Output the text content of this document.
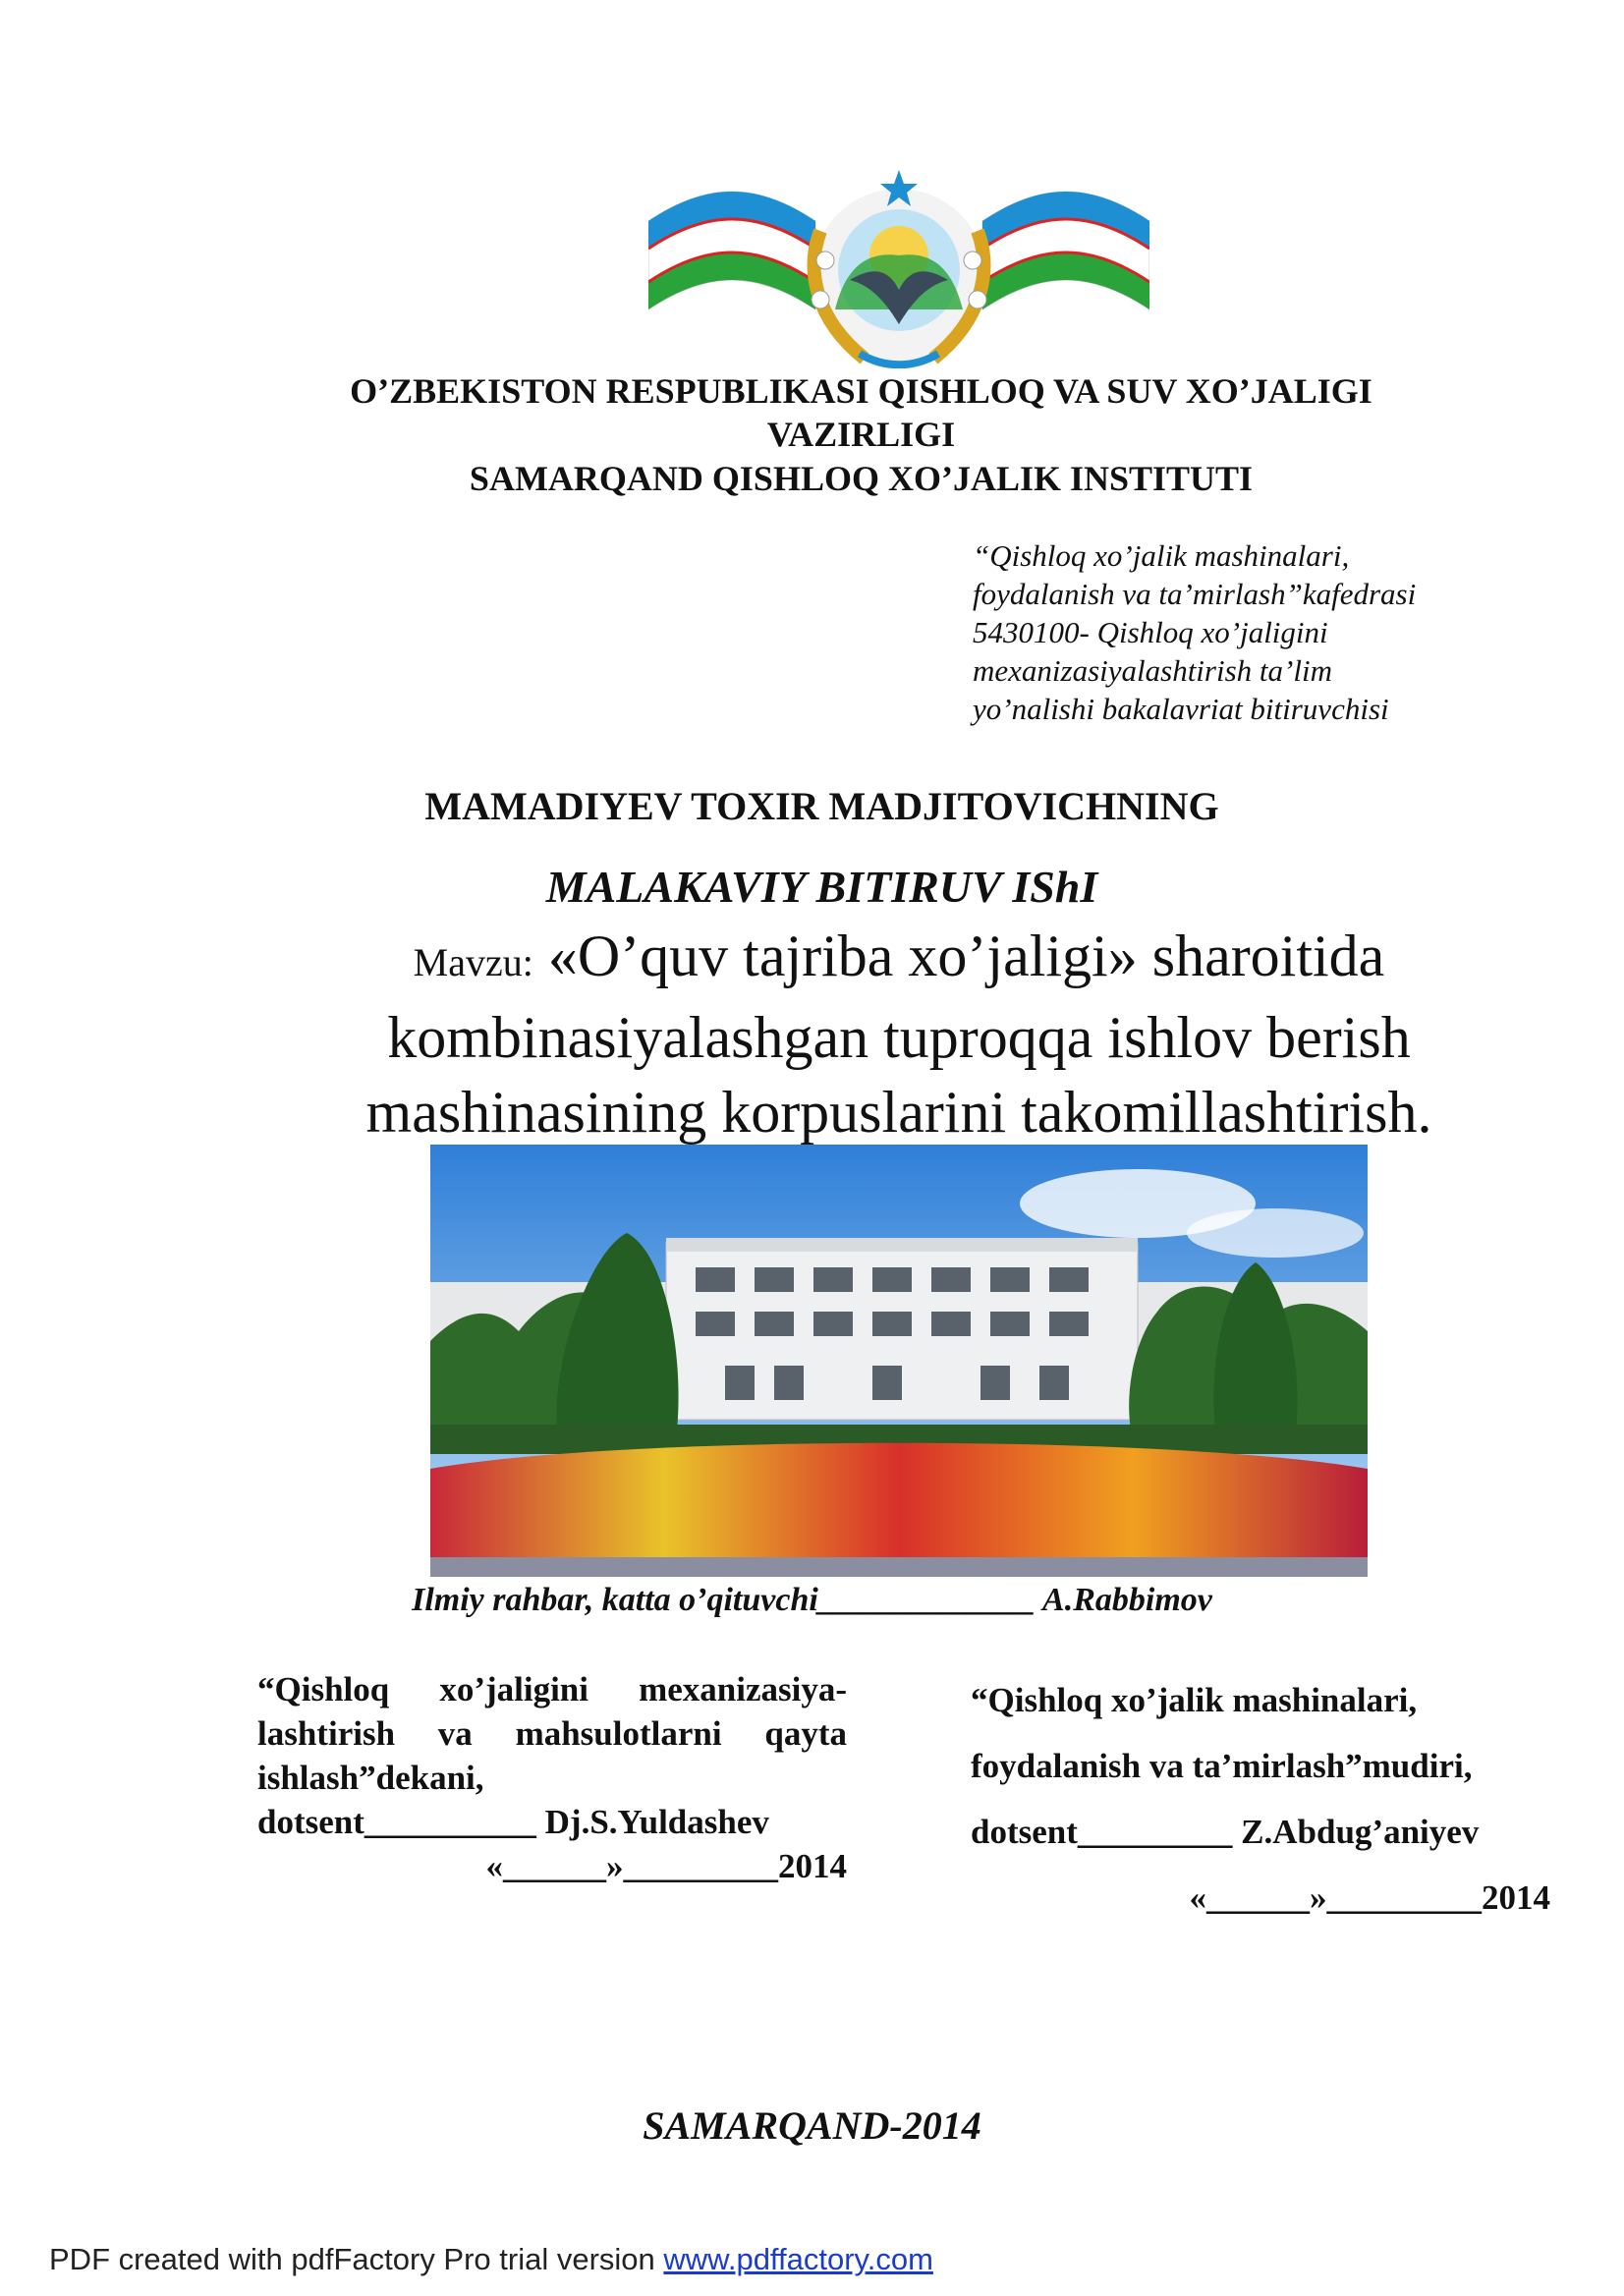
O’ZBEKISTON RESPUBLIKASI QISHLOQ VA SUV XO’JALIGI
VAZIRLIGI
SAMARQAND QISHLOQ XO’JALIK INSTITUTI
“Qishloq xo’jalik mashinalari,
foydalanish va ta’mirlash”kafedrasi
5430100- Qishloq xo’jaligini
mexanizasiyalashtirish ta’lim
yo’nalishi bakalavriat bitiruvchisi
MAMADIYEV TOXIR MADJITOVICHNING
MALAKAVIY BITIRUV IShI
Mavzu: «O’quv tajriba xo’jaligi» sharoitida
kombinasiyalashgan tuproqqa ishlov berish
mashinasining korpuslarini takomillashtirish.
Ilmiy rahbar, katta o’qituvchi_____________ A.Rabbimov
“Qishloq xo’jaligini mexanizasiya-
lashtirish va mahsulotlarni qayta
ishlash”dekani,
dotsent__________ Dj.S.Yuldashev
«______»_________2014
“Qishloq xo’jalik mashinalari,
foydalanish va ta’mirlash”mudiri,
dotsent_________ Z.Abdug’aniyev
«______»_________2014
SAMARQAND-2014
PDF created with pdfFactory Pro trial version www.pdffactory.com
